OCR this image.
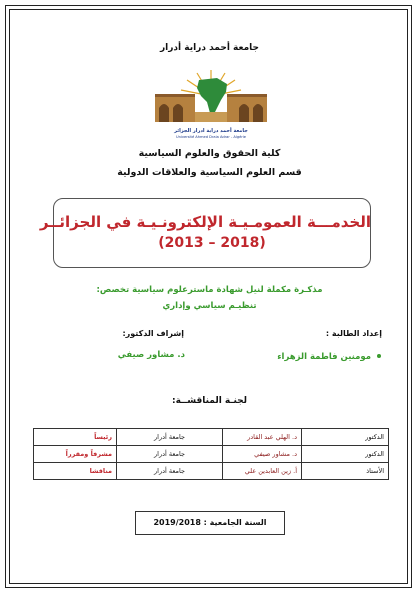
جامعة أحمد دراية أدرار
جامعة أحمد دراية ادرار الجزائر
Université Ahmed Draia Adrar - Algérie
كلية الحقوق والعلوم السياسية
قسم العلوم السياسية والعلاقات الدولية
الخدمـــة العمومـيـة الإلكترونـيـة في الجزائــر
(2013 – 2018)
مذكـرة مكملة لنيل شهادة ماسترعلوم سياسية تخصص:
تنظيـم سياسي وإداري
إعداد الطالبة :
إشراف الدكتور:
مومنين فاطمة الزهراء
د. مشاور صيفي
لجنـة المناقشــة:
الدكتور	د. الهلي عبد القادر	جامعة أدرار	رئيساً
الدكتور	د. مشاور صيفي	جامعة أدرار	مشرفاً ومقرراً
الأستاذ	أ. زين العابدين علي	جامعة أدرار	مناقشا
السنة الجامعية : 2019/2018
